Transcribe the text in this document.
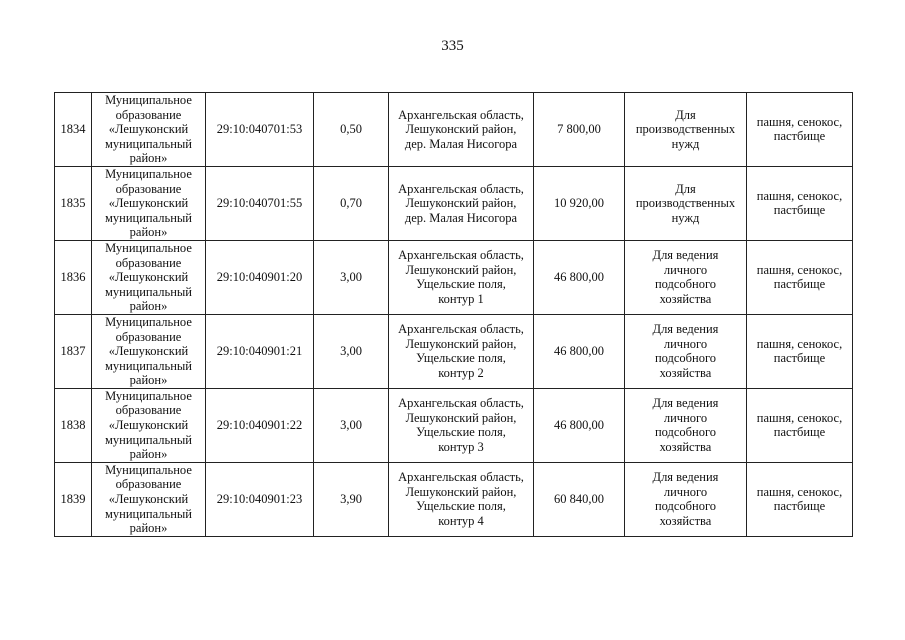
335
1834	Муниципальное
образование
«Лешуконский
муниципальный
район»	29:10:040701:53	0,50	Архангельская область,
Лешуконский район,
дер. Малая Нисогора	7 800,00	Для
производственных
нужд	пашня, сенокос,
пастбище

1835	Муниципальное
образование
«Лешуконский
муниципальный
район»	29:10:040701:55	0,70	Архангельская область,
Лешуконский район,
дер. Малая Нисогора	10 920,00	Для
производственных
нужд	пашня, сенокос,
пастбище

1836	Муниципальное
образование
«Лешуконский
муниципальный
район»	29:10:040901:20	3,00	Архангельская область,
Лешуконский район,
Ущельские поля,
контур 1	46 800,00	Для ведения
личного
подсобного
хозяйства	пашня, сенокос,
пастбище

1837	Муниципальное
образование
«Лешуконский
муниципальный
район»	29:10:040901:21	3,00	Архангельская область,
Лешуконский район,
Ущельские поля,
контур 2	46 800,00	Для ведения
личного
подсобного
хозяйства	пашня, сенокос,
пастбище

1838	Муниципальное
образование
«Лешуконский
муниципальный
район»	29:10:040901:22	3,00	Архангельская область,
Лешуконский район,
Ущельские поля,
контур 3	46 800,00	Для ведения
личного
подсобного
хозяйства	пашня, сенокос,
пастбище

1839	Муниципальное
образование
«Лешуконский
муниципальный
район»	29:10:040901:23	3,90	Архангельская область,
Лешуконский район,
Ущельские поля,
контур 4	60 840,00	Для ведения
личного
подсобного
хозяйства	пашня, сенокос,
пастбище
